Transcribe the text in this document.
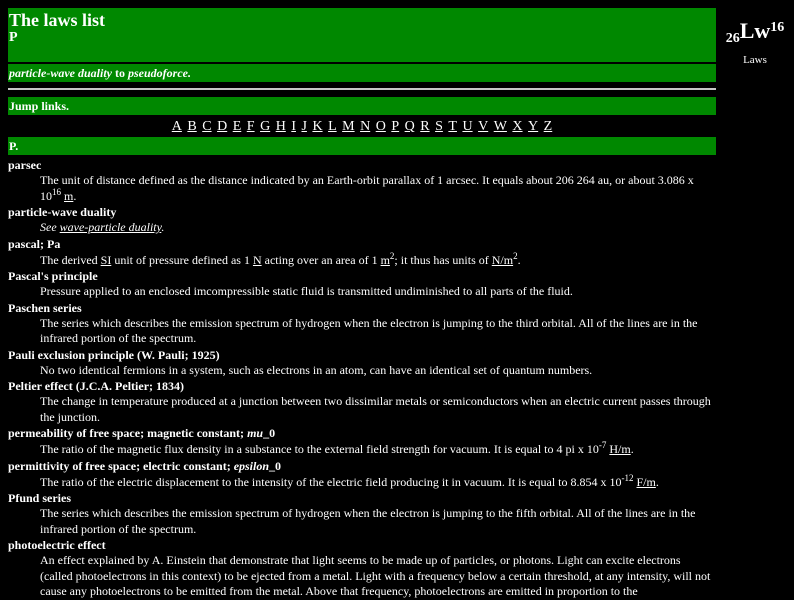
The laws list
P
particle-wave duality to pseudoforce.
Jump links.
A B C D E F G H I J K L M N O P Q R S T U V W X Y Z
P.
parsec
The unit of distance defined as the distance indicated by an Earth-orbit parallax of 1 arcsec. It equals about 206 264 au, or about 3.086 x $10^{16}$ m.
particle-wave duality
See wave-particle duality.
pascal; Pa
The derived SI unit of pressure defined as 1 N acting over an area of 1 $m^2$; it thus has units of $N/m^2$.
Pascal's principle
Pressure applied to an enclosed imcompressible static fluid is transmitted undiminished to all parts of the fluid.
Paschen series
The series which describes the emission spectrum of hydrogen when the electron is jumping to the third orbital. All of the lines are in the infrared portion of the spectrum.
Pauli exclusion principle (W. Pauli; 1925)
No two identical fermions in a system, such as electrons in an atom, can have an identical set of quantum numbers.
Peltier effect (J.C.A. Peltier; 1834)
The change in temperature produced at a junction between two dissimilar metals or semiconductors when an electric current passes through the junction.
permeability of free space; magnetic constant; mu_0
The ratio of the magnetic flux density in a substance to the external field strength for vacuum. It is equal to 4 pi x $10^{-7}$ H/m.
permittivity of free space; electric constant; epsilon_0
The ratio of the electric displacement to the intensity of the electric field producing it in vacuum. It is equal to 8.854 x $10^{-12}$ F/m.
Pfund series
The series which describes the emission spectrum of hydrogen when the electron is jumping to the fifth orbital. All of the lines are in the infrared portion of the spectrum.
photoelectric effect
An effect explained by A. Einstein that demonstrate that light seems to be made up of particles, or photons. Light can excite electrons (called photoelectrons in this context) to be ejected from a metal. Light with a frequency below a certain threshold, at any intensity, will not cause any photoelectrons to be emitted from the metal. Above that frequency, photoelectrons are emitted in proportion to the
26Lw$^{16}$
Laws
